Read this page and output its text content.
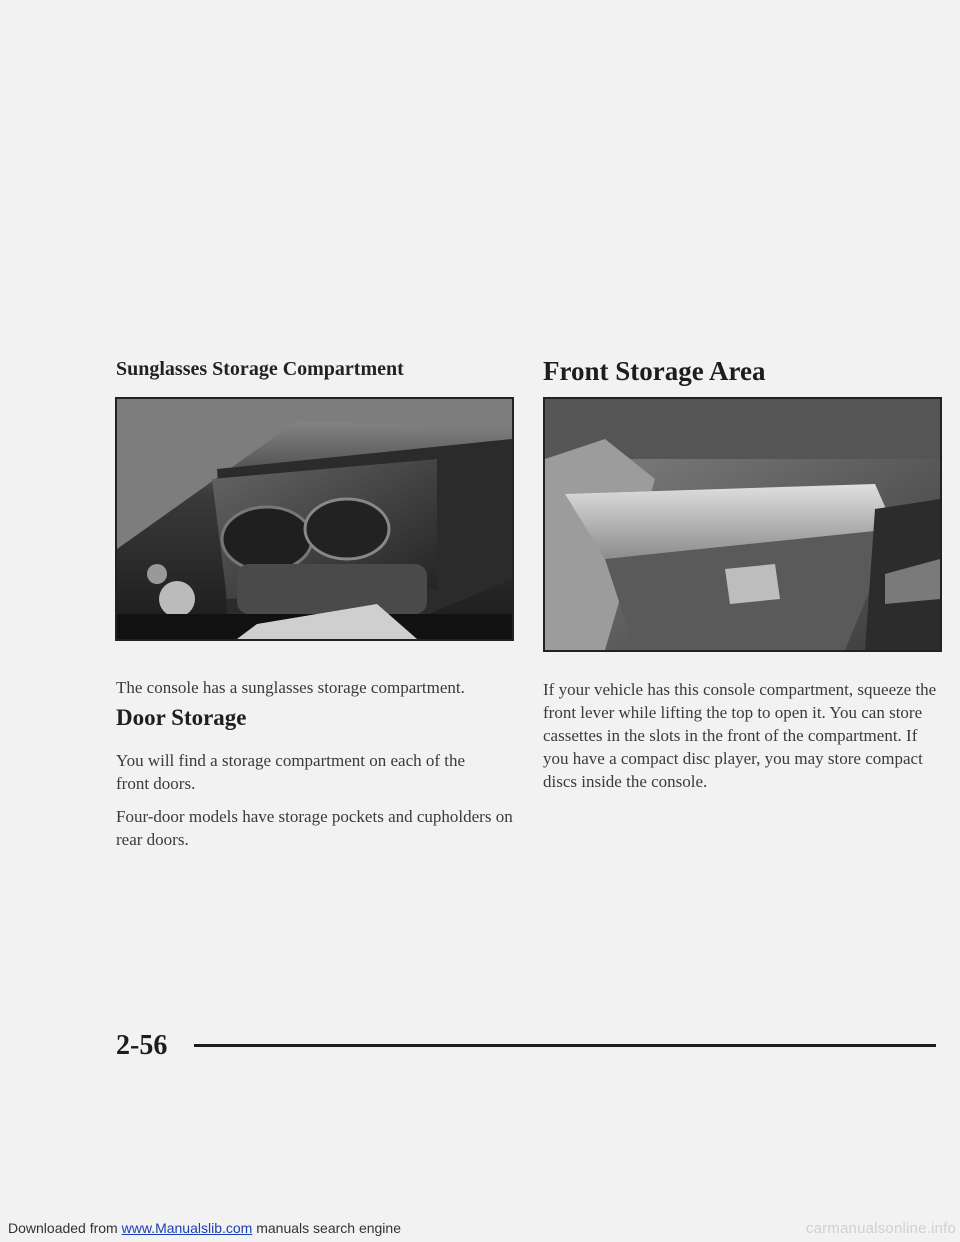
Sunglasses Storage Compartment	Front Storage Area
The console has a sunglasses storage compartment.
Door Storage
You will find a storage compartment on each of the front doors.
Four-door models have storage pockets and cupholders on rear doors.
If your vehicle has this console compartment, squeeze the front lever while lifting the top to open it. You can store cassettes in the slots in the front of the compartment. If you have a compact disc player, you may store compact discs inside the console.
2-56
carmanualsonline.info
Downloaded from www.Manualslib.com manuals search engine
